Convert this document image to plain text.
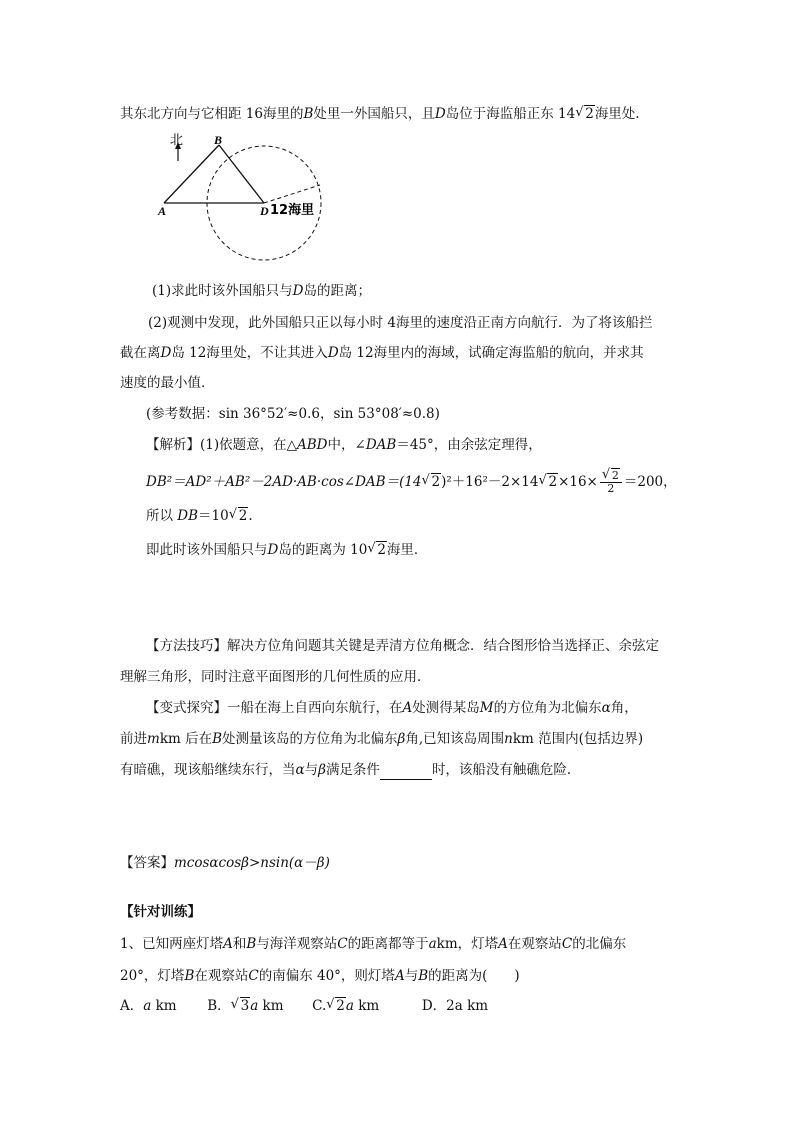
其东北方向与它相距 16海里的B处里一外国船只，且D岛位于海监船正东 14 √ 2海里处.
北
A
B
D 12海里
(1)求此时该外国船只与D岛的距离；
(2)观测中发现，此外国船只正以每小时 4海里的速度沿正南方向航行．为了将该船拦
截在离D岛 12海里处，不让其进入D岛 12海里内的海域，试确定海监船的航向，并求其
速度的最小值．
(参考数据：sin 36°52′≈0.6，sin 53°08′≈0.8)
【解析】(1)依题意，在△ABD中，∠DAB＝45°，由余弦定理得，
DB²＝AD²＋AB²－2AD·AB·cos∠DAB＝(14 √ 2)²＋16²－2×14 √ 2×16× √ $\frac{2}{2} =200$，
所以 DB＝10 √ 2.
即此时该外国船只与D岛的距离为 10 √ 2海里．
【方法技巧】解决方位角问题其关键是弄清方位角概念．结合图形恰当选择正、余弦定
理解三角形，同时注意平面图形的几何性质的应用．
【变式探究】一船在海上自西向东航行，在A处测得某岛M的方位角为北偏东α角，
前进mkm 后在B处测量该岛的方位角为北偏东β角,已知该岛周围nkm 范围内(包括边界)
有暗礁，现该船继续东行，当α与β满足条件	时，该船没有触礁危险．
【答案】mcosαcosβ>nsin(α－β)
【针对训练】
1、已知两座灯塔A和B与海洋观察站C的距离都等于akm，灯塔A在观察站C的北偏东
20°，灯塔B在观察站C的南偏东 40°，则灯塔A与B的距离为(　　)
A．a km B． √ 3a km C. √ 2a km	D．2a km
